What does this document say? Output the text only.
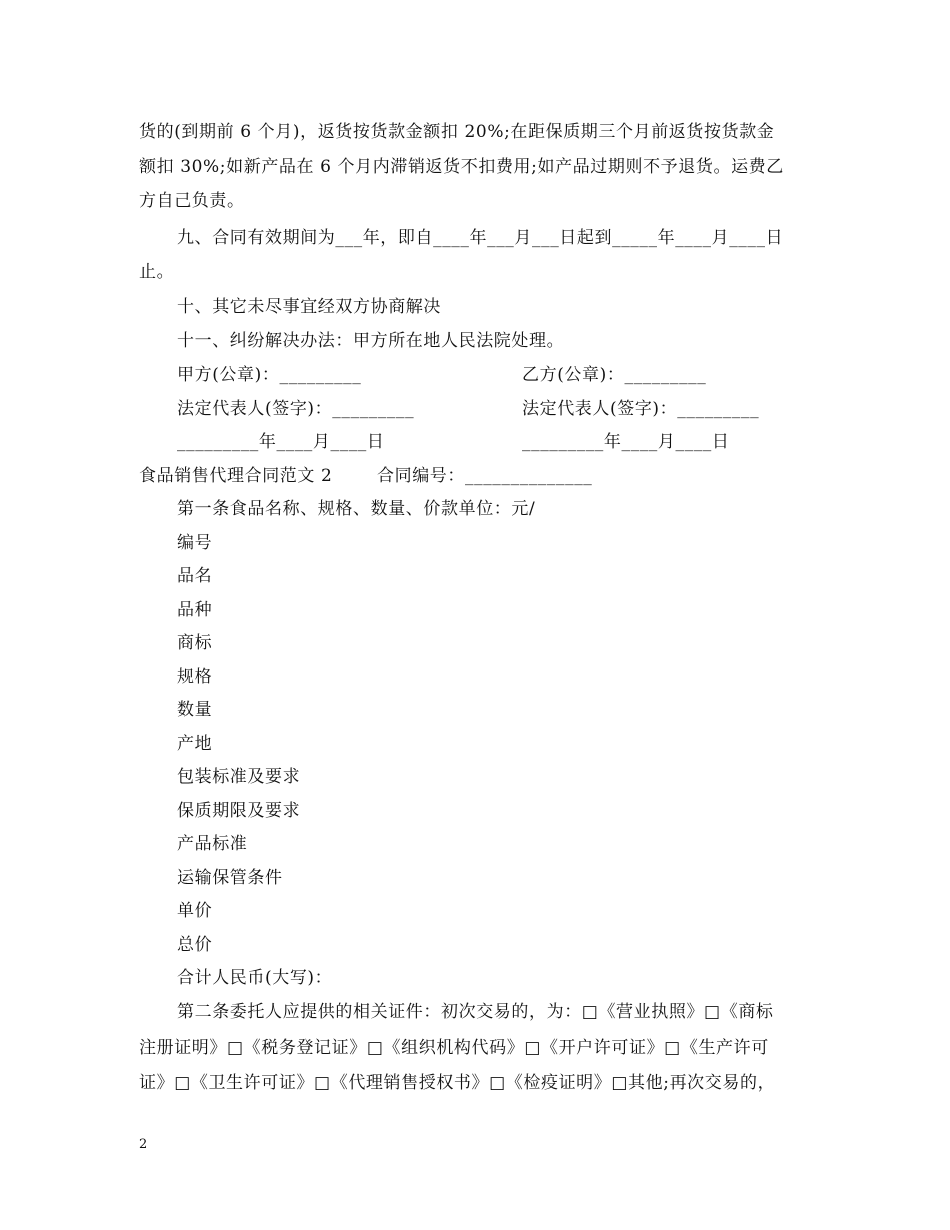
货的(到期前 6 个月)，返货按货款金额扣 20%;在距保质期三个月前返货按货款金
额扣 30%;如新产品在 6 个月内滞销返货不扣费用;如产品过期则不予退货。运费乙
方自己负责。
九、合同有效期间为___年，即自____年___月___日起到_____年____月____日
止。
十、其它未尽事宜经双方协商解决
十一、纠纷解决办法：甲方所在地人民法院处理。
甲方(公章)：_________	乙方(公章)：_________
法定代表人(签字)：_________	法定代表人(签字)：_________
_________年____月____日	_________年____月____日
食品销售代理合同范文 2	合同编号：______________
第一条食品名称、规格、数量、价款单位：元/
编号
品名
品种
商标
规格
数量
产地
包装标准及要求
保质期限及要求
产品标准
运输保管条件
单价
总价
合计人民币(大写)：
第二条委托人应提供的相关证件：初次交易的，为：□《营业执照》□《商标
注册证明》□《税务登记证》□《组织机构代码》□《开户许可证》□《生产许可
证》□《卫生许可证》□《代理销售授权书》□《检疫证明》□其他;再次交易的，
2
